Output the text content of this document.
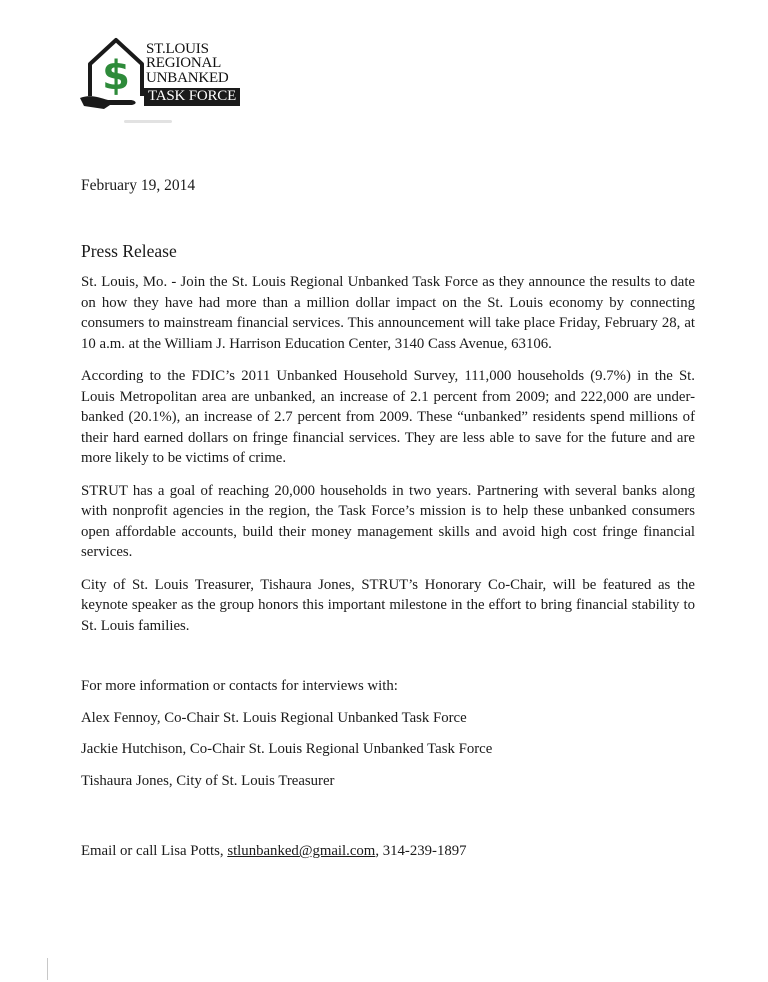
$
ST.LOUIS
REGIONAL
UNBANKED
TASK FORCE
February 19, 2014
Press Release

St. Louis, Mo. - Join the St. Louis Regional Unbanked Task Force as they announce the results to date on how they have had more than a million dollar impact on the St. Louis economy by connecting consumers to mainstream financial services. This announcement will take place Friday, February 28, at 10 a.m. at the William J. Harrison Education Center, 3140 Cass Avenue, 63106.

According to the FDIC’s 2011 Unbanked Household Survey, 111,000 households (9.7%) in the St. Louis Metropolitan area are unbanked, an increase of 2.1 percent from 2009; and 222,000 are under-banked (20.1%), an increase of 2.7 percent from 2009. These “unbanked” residents spend millions of their hard earned dollars on fringe financial services. They are less able to save for the future and are more likely to be victims of crime.

STRUT has a goal of reaching 20,000 households in two years. Partnering with several banks along with nonprofit agencies in the region, the Task Force’s mission is to help these unbanked consumers open affordable accounts, build their money management skills and avoid high cost fringe financial services.

City of St. Louis Treasurer, Tishaura Jones, STRUT’s Honorary Co-Chair, will be featured as the keynote speaker as the group honors this important milestone in the effort to bring financial stability to St. Louis families.

For more information or contacts for interviews with:

Alex Fennoy, Co-Chair St. Louis Regional Unbanked Task Force

Jackie Hutchison, Co-Chair St. Louis Regional Unbanked Task Force

Tishaura Jones, City of St. Louis Treasurer

Email or call Lisa Potts, stlunbanked@gmail.com, 314-239-1897
